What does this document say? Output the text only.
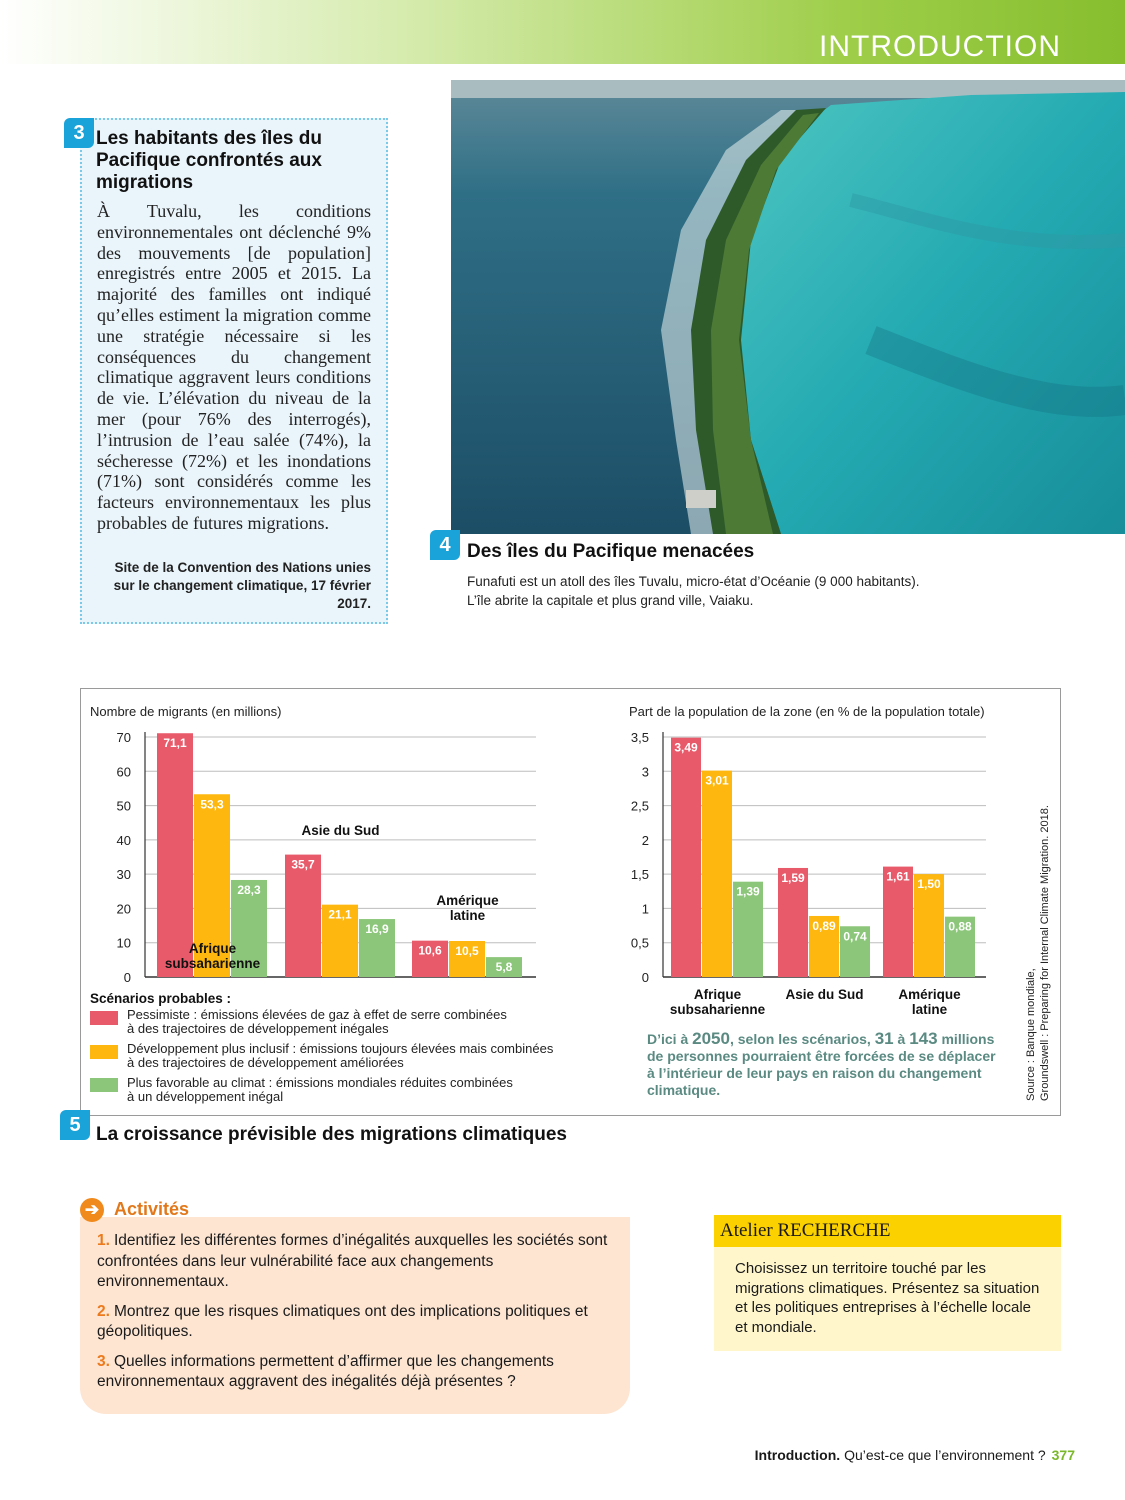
INTRODUCTION
3 Les habitants des îles du Pacifique confrontés aux migrations
À Tuvalu, les conditions environnementales ont déclenché 9% des mouvements [de population] enregistrés entre 2005 et 2015. La majorité des familles ont indiqué qu’elles estiment la migration comme une stratégie nécessaire si les conséquences du changement climatique aggravent leurs conditions de vie. L’élévation du niveau de la mer (pour 76% des interrogés), l’intrusion de l’eau salée (74%), la sécheresse (72%) et les inondations (71%) sont considérés comme les facteurs environnementaux les plus probables de futures migrations.
Site de la Convention des Nations unies sur le changement climatique, 17 février 2017.
4 Des îles du Pacifique menacées
Funafuti est un atoll des îles Tuvalu, micro-état d’Océanie (9 000 habitants).
L’île abrite la capitale et plus grand ville, Vaiaku.
Nombre de migrants (en millions)	Part de la population de la zone (en % de la population totale)
0
10
20
30
40
50
60
70	71,1
53,3
28,3
Afrique
subsaharienne
35,7
21,1
16,9
Asie du Sud
10,6 10,5
5,8
Amérique
latine
0
0,5
1
1,5
2
2,5
3
3,5
3,49
3,01
1,39
Afrique
subsaharienne
1,59
0,89
0,74
Asie du Sud
1,61
1,50
0,88
Amérique
latine
Scénarios probables :
Pessimiste : émissions élevées de gaz à effet de serre combinées
à des trajectoires de développement inégales
Développement plus inclusif : émissions toujours élevées mais combinées
à des trajectoires de développement améliorées
Plus favorable au climat : émissions mondiales réduites combinées
à un développement inégal
D’ici à 2050, selon les scénarios, 31 à 143 millions
de personnes pourraient être forcées de se déplacer
à l’intérieur de leur pays en raison du changement
climatique.	Source : Banque mondiale, Groundswell : Preparing for Internal Climate Migration. 2018.
5 La croissance prévisible des migrations climatiques
1. Identifiez les différentes formes d’inégalités auxquelles les sociétés sont confrontées dans leur vulnérabilité face aux changements environnementaux.
2. Montrez que les risques climatiques ont des implications politiques et géopolitiques.
3. Quelles informations permettent d’affirmer que les changements environnementaux aggravent des inégalités déjà présentes ?
➔ Activités
Atelier RECHERCHE
Choisissez un territoire touché par les migrations climatiques. Présentez sa situation et les politiques entreprises à l’échelle locale et mondiale.
Introduction. Qu’est-ce que l’environnement ? 377
